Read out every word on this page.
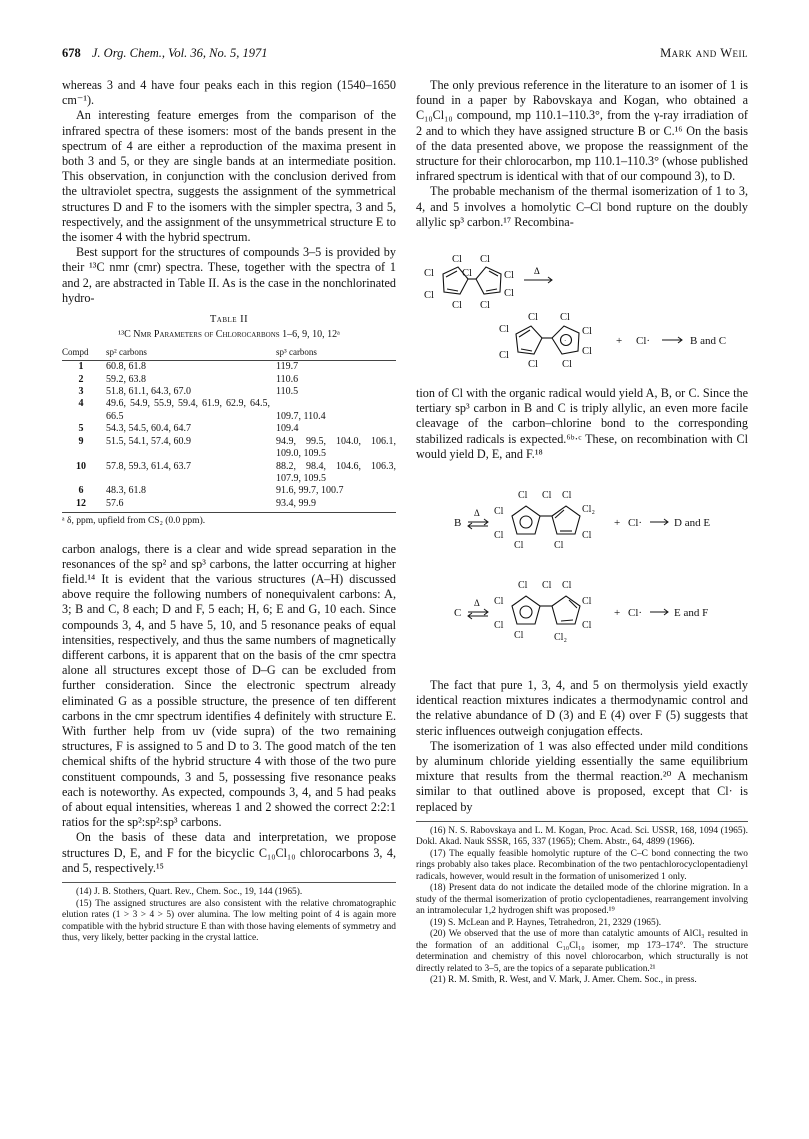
678 J. Org. Chem., Vol. 36, No. 5, 1971	Mark and Weil

whereas 3 and 4 have four peaks each in this region (1540–1650 cm⁻¹).

An interesting feature emerges from the comparison of the infrared spectra of these isomers: most of the bands present in the spectrum of 4 are either a reproduction of the maxima present in both 3 and 5, or they are single bands at an intermediate position. This observation, in conjunction with the conclusion derived from the ultraviolet spectra, suggests the assignment of the symmetrical structures D and F to the isomers with the simpler spectra, 3 and 5, respectively, and the assignment of the unsymmetrical structure E to the isomer 4 with the hybrid spectrum.

Best support for the structures of compounds 3–5 is provided by their ¹³C nmr (cmr) spectra. These, together with the spectra of 1 and 2, are abstracted in Table II. As is the case in the nonchlorinated hydro-

Table II
¹³C Nmr Parameters of Chlorocarbons 1–6, 9, 10, 12ᵃ
Compd	sp² carbons	sp³ carbons
1	60.8, 61.8	119.7
2	59.2, 63.8	110.6
3	51.8, 61.1, 64.3, 67.0	110.5
4	49.6, 54.9, 55.9, 59.4, 61.9, 62.9, 64.5, 66.5	109.7, 110.4
5	54.3, 54.5, 60.4, 64.7	109.4
9	51.5, 54.1, 57.4, 60.9	94.9, 99.5, 104.0, 106.1, 109.0, 109.5
10	57.8, 59.3, 61.4, 63.7	88.2, 98.4, 104.6, 106.3, 107.9, 109.5
6	48.3, 61.8	91.6, 99.7, 100.7
12	57.6	93.4, 99.9
ᵃ δ, ppm, upfield from CS₂ (0.0 ppm).

carbon analogs, there is a clear and wide spread separation in the resonances of the sp² and sp³ carbons, the latter occurring at higher field.¹⁴ It is evident that the various structures (A–H) discussed above require the following numbers of nonequivalent carbons: A, 3; B and C, 8 each; D and F, 5 each; H, 6; E and G, 10 each. Since compounds 3, 4, and 5 have 5, 10, and 5 resonance peaks of equal intensities, respectively, and thus the same numbers of magnetically different carbons, it is apparent that on the basis of the cmr spectra alone all structures except those of D–G can be excluded from further consideration. Since the electronic spectrum already eliminated G as a possible structure, the presence of ten different carbons in the cmr spectrum identifies 4 definitely with structure E. With further help from uv (vide supra) of the two remaining structures, F is assigned to 5 and D to 3. The good match of the ten chemical shifts of the hybrid structure 4 with those of the two pure constituent compounds, 3 and 5, possessing five resonance peaks each is noteworthy. As expected, compounds 3, 4, and 5 had peaks of about equal intensities, whereas 1 and 2 showed the correct 2:2:1 ratios for the sp²:sp²:sp³ carbons.

On the basis of these data and interpretation, we propose structures D, E, and F for the bicyclic C₁₀Cl₁₀ chlorocarbons 3, 4, and 5, respectively.¹⁵

(14) J. B. Stothers, Quart. Rev., Chem. Soc., 19, 144 (1965).

(15) The assigned structures are also consistent with the relative chromatographic elution rates (1 > 3 > 4 > 5) over alumina. The low melting point of 4 is again more compatible with the hybrid structure E than with those having elements of symmetry and thus, very likely, better packing in the crystal lattice.

The only previous reference in the literature to an isomer of 1 is found in a paper by Rabovskaya and Kogan, who obtained a C₁₀Cl₁₀ compound, mp 110.1–110.3°, from the γ-ray irradiation of 2 and to which they have assigned structure B or C.¹⁶ On the basis of the data presented above, we propose the reassignment of the structure for their chlorocarbon, mp 110.1–110.3° (whose published infrared spectrum is identical with that of our compound 3), to D.

The probable mechanism of the thermal isomerization of 1 to 3, 4, and 5 involves a homolytic C–Cl bond rupture on the doubly allylic sp³ carbon.¹⁷ Recombina-

Cl
Cl
Cl
Cl
Cl
Cl
Cl
Cl
Cl
Δ
Cl
Cl
Cl
Cl
Cl
Cl
Cl
Cl
·	+ Cl·	B and C

tion of Cl with the organic radical would yield A, B, or C. Since the tertiary sp³ carbon in B and C is triply allylic, an even more facile cleavage of the carbon–chlorine bond to the corresponding stabilized radicals is expected.⁶ᵇ·ᶜ These, on recombination with Cl would yield D, E, and F.¹⁸

B
Δ Cl
Cl
Cl
Cl
Cl Cl
Cl₂
Cl
Cl
+ Cl·	D and E
C
Δ Cl
Cl
Cl
Cl
Cl Cl
Cl
Cl
Cl₂
+ Cl·	E and F

The fact that pure 1, 3, 4, and 5 on thermolysis yield exactly identical reaction mixtures indicates a thermodynamic control and the relative abundance of D (3) and E (4) over F (5) suggests that steric influences outweigh conjugation effects.

The isomerization of 1 was also effected under mild conditions by aluminum chloride yielding essentially the same equilibrium mixture that results from the thermal reaction.²⁰ A mechanism similar to that outlined above is proposed, except that Cl· is replaced by

(16) N. S. Rabovskaya and L. M. Kogan, Proc. Acad. Sci. USSR, 168, 1094 (1965). Dokl. Akad. Nauk SSSR, 165, 337 (1965); Chem. Abstr., 64, 4899 (1966).

(17) The equally feasible homolytic rupture of the C–C bond connecting the two rings probably also takes place. Recombination of the two pentachlorocyclopentadienyl radicals, however, would result in the formation of unisomerized 1 only.

(18) Present data do not indicate the detailed mode of the chlorine migration. In a study of the thermal isomerization of protio cyclopentadienes, rearrangement involving an intramolecular 1,2 hydrogen shift was proposed.¹⁹

(19) S. McLean and P. Haynes, Tetrahedron, 21, 2329 (1965).

(20) We observed that the use of more than catalytic amounts of AlCl₃ resulted in the formation of an additional C₁₀Cl₁₀ isomer, mp 173–174°. The structure determination and chemistry of this novel chlorocarbon, which structurally is not directly related to 3–5, are the topics of a separate publication.²¹

(21) R. M. Smith, R. West, and V. Mark, J. Amer. Chem. Soc., in press.
